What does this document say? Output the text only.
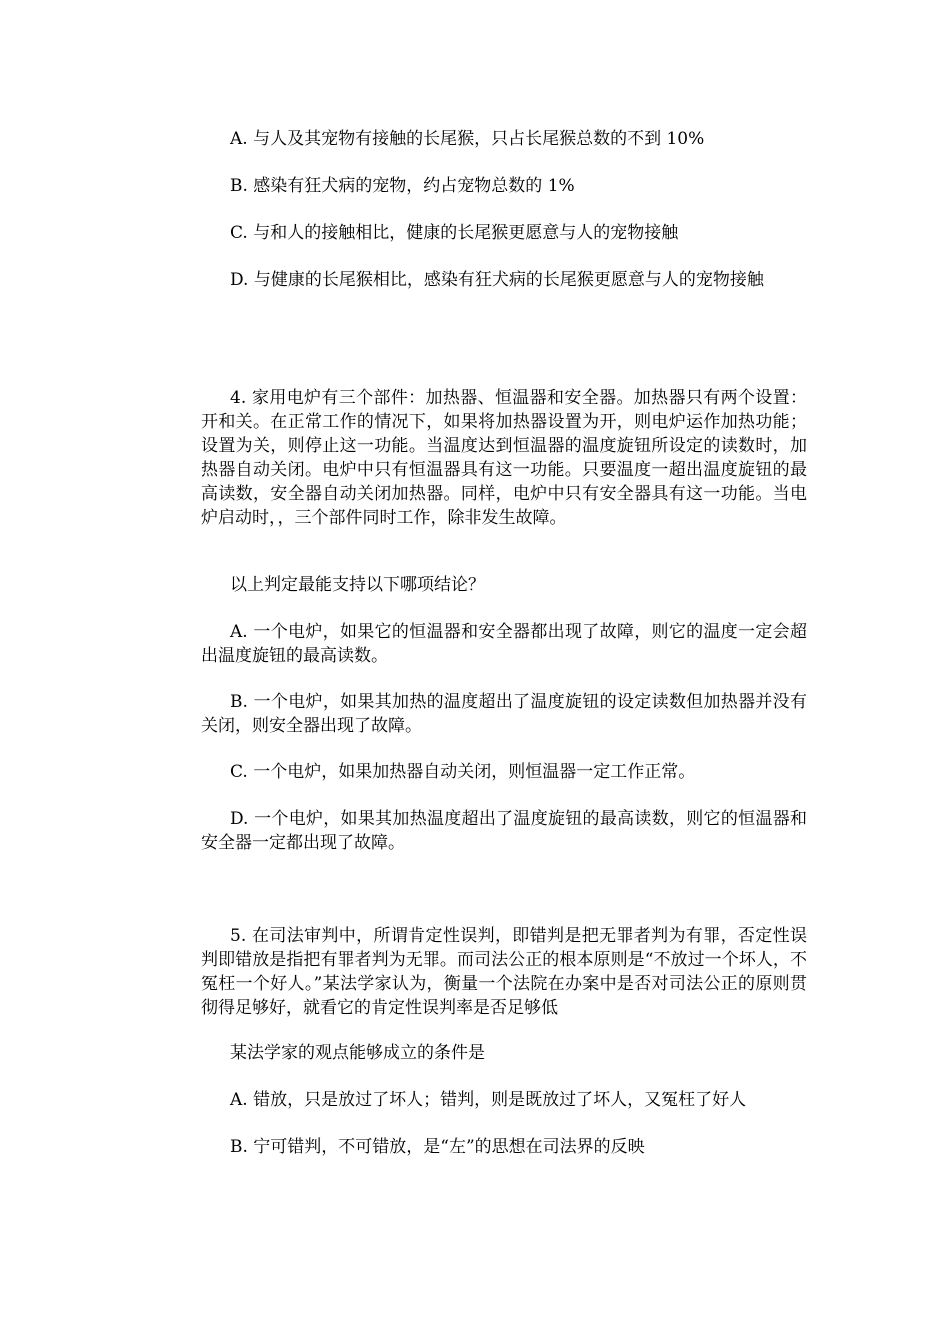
A. 与人及其宠物有接触的长尾猴，只占长尾猴总数的不到 10%

B. 感染有狂犬病的宠物，约占宠物总数的 1%

C. 与和人的接触相比，健康的长尾猴更愿意与人的宠物接触

D. 与健康的长尾猴相比，感染有狂犬病的长尾猴更愿意与人的宠物接触

4. 家用电炉有三个部件：加热器、恒温器和安全器。加热器只有两个设置：开和关。在正常工作的情况下，如果将加热器设置为开，则电炉运作加热功能；设置为关，则停止这一功能。当温度达到恒温器的温度旋钮所设定的读数时，加热器自动关闭。电炉中只有恒温器具有这一功能。只要温度一超出温度旋钮的最高读数，安全器自动关闭加热器。同样，电炉中只有安全器具有这一功能。当电炉启动时，，三个部件同时工作，除非发生故障。

以上判定最能支持以下哪项结论？

A. 一个电炉，如果它的恒温器和安全器都出现了故障，则它的温度一定会超出温度旋钮的最高读数。

B. 一个电炉，如果其加热的温度超出了温度旋钮的设定读数但加热器并没有关闭，则安全器出现了故障。

C. 一个电炉，如果加热器自动关闭，则恒温器一定工作正常。

D. 一个电炉，如果其加热温度超出了温度旋钮的最高读数，则它的恒温器和安全器一定都出现了故障。

5. 在司法审判中，所谓肯定性误判，即错判是把无罪者判为有罪，否定性误判即错放是指把有罪者判为无罪。而司法公正的根本原则是“不放过一个坏人，不冤枉一个好人。”某法学家认为，衡量一个法院在办案中是否对司法公正的原则贯彻得足够好，就看它的肯定性误判率是否足够低

某法学家的观点能够成立的条件是

A. 错放，只是放过了坏人；错判，则是既放过了坏人，又冤枉了好人

B. 宁可错判，不可错放，是“左”的思想在司法界的反映
